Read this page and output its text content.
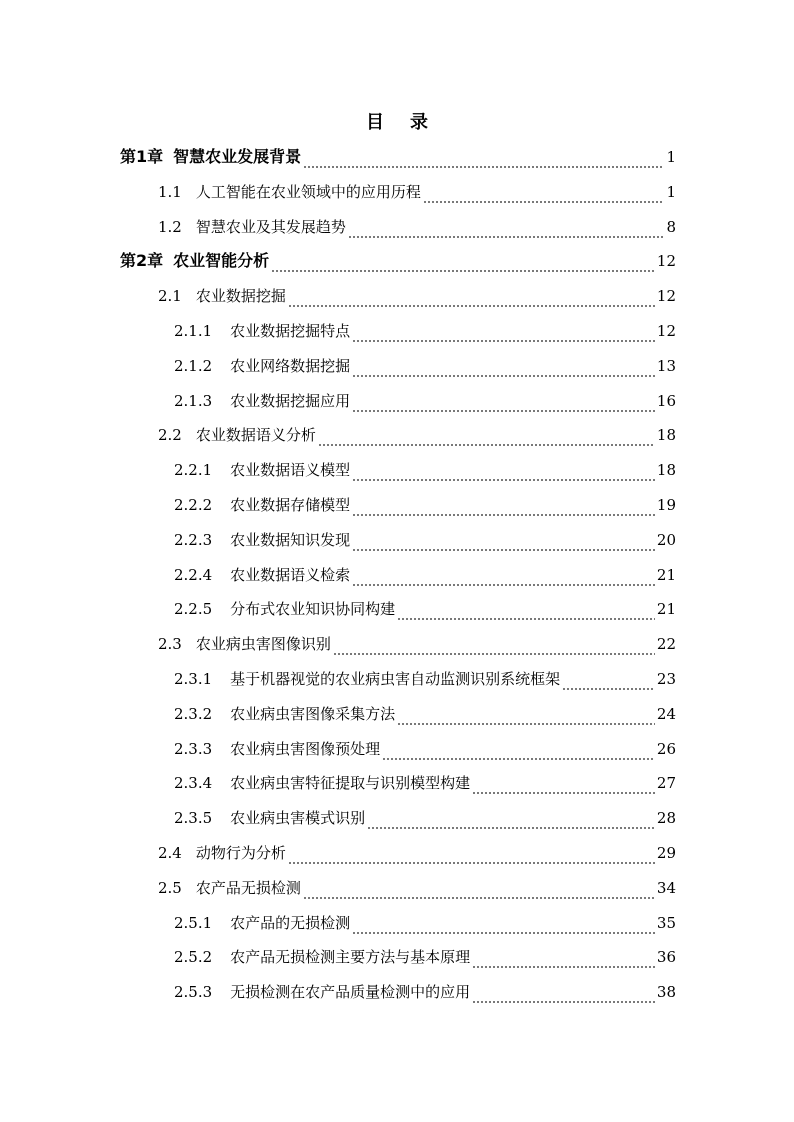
目 录
第1章 智慧农业发展背景	1
1.1 人工智能在农业领域中的应用历程	1
1.2 智慧农业及其发展趋势	8
第2章 农业智能分析	12
2.1 农业数据挖掘	12
2.1.1 农业数据挖掘特点	12
2.1.2 农业网络数据挖掘	13
2.1.3 农业数据挖掘应用	16
2.2 农业数据语义分析	18
2.2.1 农业数据语义模型	18
2.2.2 农业数据存储模型	19
2.2.3 农业数据知识发现	20
2.2.4 农业数据语义检索	21
2.2.5 分布式农业知识协同构建	21
2.3 农业病虫害图像识别	22
2.3.1 基于机器视觉的农业病虫害自动监测识别系统框架	23
2.3.2 农业病虫害图像采集方法	24
2.3.3 农业病虫害图像预处理	26
2.3.4 农业病虫害特征提取与识别模型构建	27
2.3.5 农业病虫害模式识别	28
2.4 动物行为分析	29
2.5 农产品无损检测	34
2.5.1 农产品的无损检测	35
2.5.2 农产品无损检测主要方法与基本原理	36
2.5.3 无损检测在农产品质量检测中的应用	38
